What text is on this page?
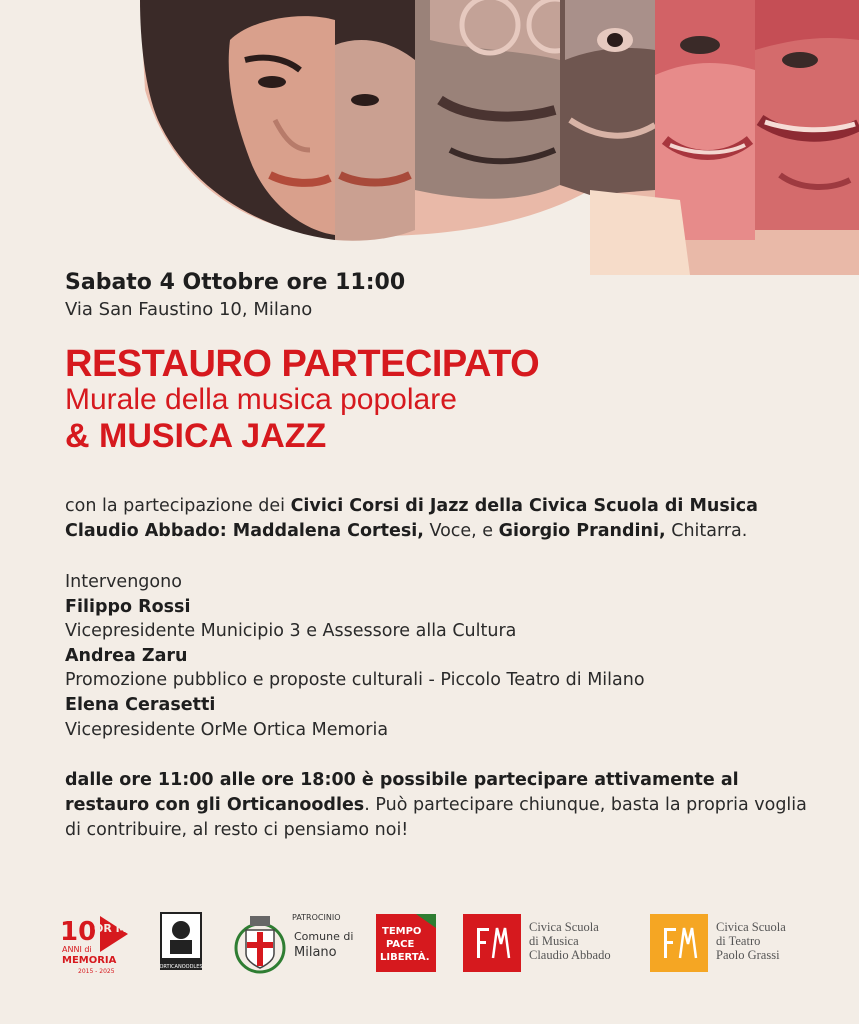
Sabato 4 Ottobre ore 11:00

Via San Faustino 10, Milano

RESTAURO PARTECIPATO

Murale della musica popolare

& MUSICA JAZZ

con la partecipazione dei Civici Corsi di Jazz della Civica Scuola di Musica Claudio Abbado: Maddalena Cortesi, Voce, e Giorgio Prandini, Chitarra.

Intervengono
Filippo Rossi
Vicepresidente Municipio 3 e Assessore alla Cultura
Andrea Zaru
Promozione pubblico e proposte culturali - Piccolo Teatro di Milano
Elena Cerasetti
Vicepresidente OrMe Ortica Memoria

dalle ore 11:00 alle ore 18:00 è possibile partecipare attivamente al restauro con gli Orticanoodles. Può partecipare chiunque, basta la propria voglia di contribuire, al resto ci pensiamo noi!

10
OR ME
ANNI di
MEMORIA
2015 - 2025
ORTICANOODLES
PATROCINIO
Comune di
Milano
TEMPO
PACE
LIBERTÀ.
Civica Scuola
di Musica
Claudio Abbado
Civica Scuola
di Teatro
Paolo Grassi
